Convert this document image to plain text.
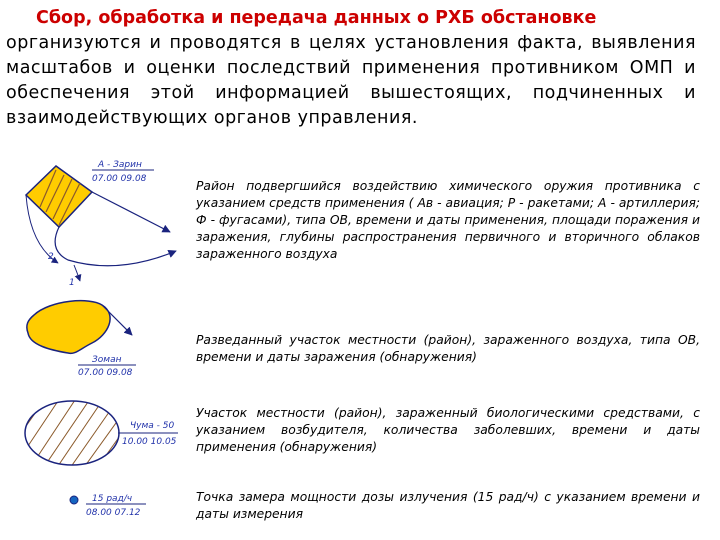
Сбор, обработка и передача данных о РХБ обстановке
организуются и проводятся в целях установления факта, выявления масштабов и оценки последствий применения противником ОМП и обеспечения этой информацией вышестоящих, подчиненных и взаимодействующих органов управления.
А - Зарин
07.00 09.08
2
1
Район подвергшийся воздействию химического оружия противника с указанием средств применения ( Ав - авиация; Р - ракетами; А - артиллерия; Ф - фугасами), типа ОВ, времени и даты применения, площади поражения и заражения, глубины распространения первичного и вторичного облаков зараженного воздуха
Зоман
07.00 09.08
Разведанный участок местности (район), зараженного воздуха, типа ОВ, времени и даты заражения (обнаружения)
Чума - 50
10.00 10.05
Участок местности (район), зараженный биологическими средствами, с указанием возбудителя, количества заболевших, времени и даты применения (обнаружения)
15 рад/ч
08.00 07.12
Точка замера мощности дозы излучения (15 рад/ч) с указанием времени и даты измерения
